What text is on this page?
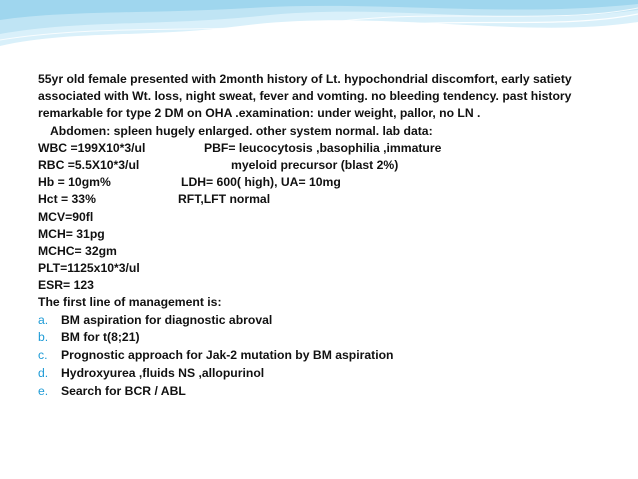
55yr old female presented with 2month history of Lt. hypochondrial discomfort, early satiety associated with Wt. loss, night sweat, fever and vomting. no bleeding tendency. past history remarkable for type 2 DM on OHA .examination: under weight, pallor, no LN .
Abdomen: spleen hugely enlarged. other system normal. lab data:
WBC =199X10*3/ul	PBF= leucocytosis ,basophilia ,immature
RBC =5.5X10*3/ul	myeloid precursor (blast 2%)
Hb = 10gm%	LDH= 600( high), UA= 10mg
Hct = 33%	RFT,LFT normal
MCV=90fl
MCH= 31pg
MCHC= 32gm
PLT=1125x10*3/ul
ESR= 123
The first line of management is:
a. BM aspiration for diagnostic abroval
b. BM for t(8;21)
c. Prognostic approach for Jak-2 mutation by BM aspiration
d. Hydroxyurea ,fluids NS ,allopurinol
e. Search for BCR / ABL
